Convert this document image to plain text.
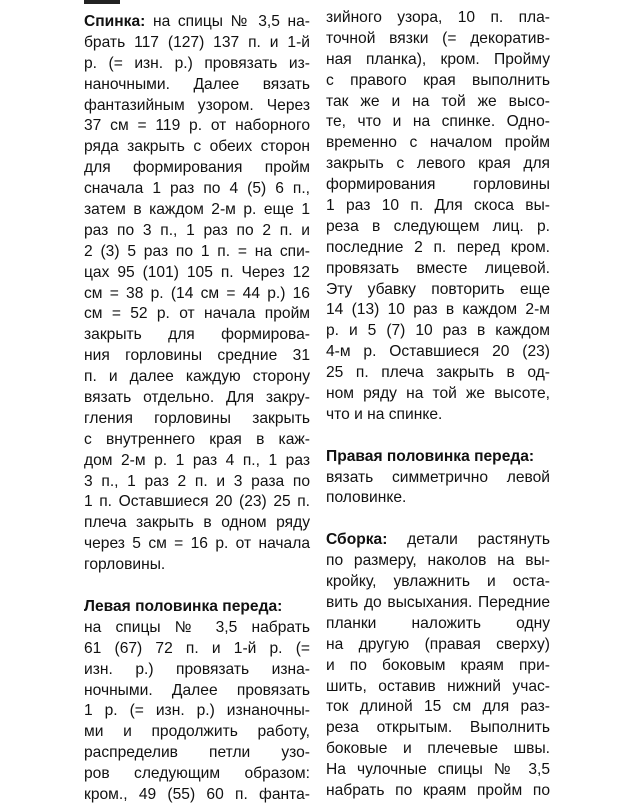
Спинка: на спицы № 3,5 на-
брать 117 (127) 137 п. и 1-й
р. (= изн. р.) провязать из-
наночными. Далее вязать
фантазийным узором. Через
37 см = 119 р. от наборного
ряда закрыть с обеих сторон
для формирования пройм
сначала 1 раз по 4 (5) 6 п.,
затем в каждом 2-м р. еще 1
раз по 3 п., 1 раз по 2 п. и
2 (3) 5 раз по 1 п. = на спи-
цах 95 (101) 105 п. Через 12
см = 38 р. (14 см = 44 р.) 16
см = 52 р. от начала пройм
закрыть для формирова-
ния горловины средние 31
п. и далее каждую сторону
вязать отдельно. Для закру-
гления горловины закрыть
с внутреннего края в каж-
дом 2-м р. 1 раз 4 п., 1 раз
3 п., 1 раз 2 п. и 3 раза по
1 п. Оставшиеся 20 (23) 25 п.
плеча закрыть в одном ряду
через 5 см = 16 р. от начала
горловины.
Левая половинка переда:
на спицы № 3,5 набрать
61 (67) 72 п. и 1-й р. (=
изн. р.) провязать изна-
ночными. Далее провязать
1 р. (= изн. р.) изнаночны-
ми и продолжить работу,
распределив петли узо-
ров следующим образом:
кром., 49 (55) 60 п. фанта-
зийного узора, 10 п. пла-
точной вязки (= декоратив-
ная планка), кром. Пройму
с правого края выполнить
так же и на той же высо-
те, что и на спинке. Одно-
временно с началом пройм
закрыть с левого края для
формирования горловины
1 раз 10 п. Для скоса вы-
реза в следующем лиц. р.
последние 2 п. перед кром.
провязать вместе лицевой.
Эту убавку повторить еще
14 (13) 10 раз в каждом 2-м
р. и 5 (7) 10 раз в каждом
4-м р. Оставшиеся 20 (23)
25 п. плеча закрыть в од-
ном ряду на той же высоте,
что и на спинке.
Правая половинка переда:
вязать симметрично левой
половинке.
Сборка: детали растянуть
по размеру, наколов на вы-
кройку, увлажнить и оста-
вить до высыхания. Передние
планки наложить одну
на другую (правая сверху)
и по боковым краям при-
шить, оставив нижний учас-
ток длиной 15 см для раз-
реза открытым. Выполнить
боковые и плечевые швы.
На чулочные спицы № 3,5
набрать по краям пройм по
